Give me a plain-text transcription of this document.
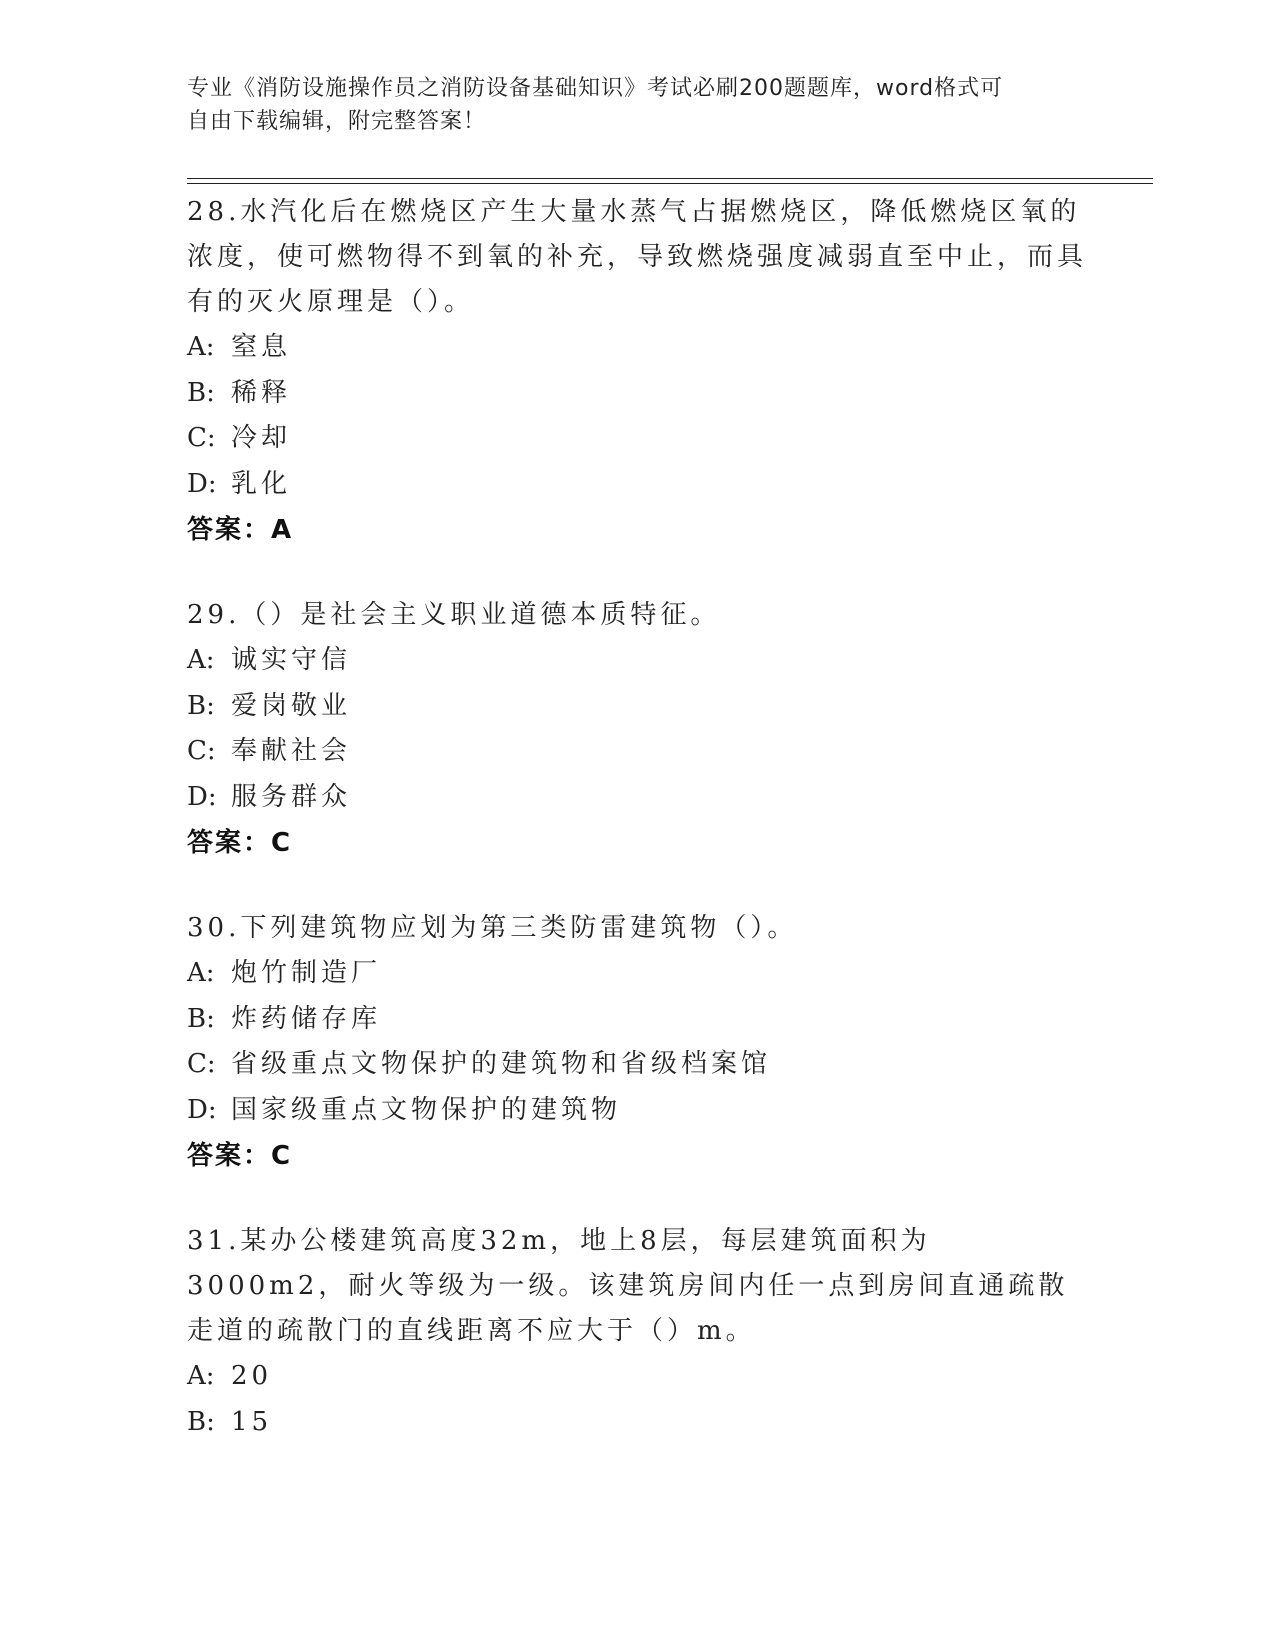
专业《消防设施操作员之消防设备基础知识》考试必刷200题题库，word格式可
自由下载编辑，附完整答案！

28.水汽化后在燃烧区产生大量水蒸气占据燃烧区，降低燃烧区氧的浓度，使可燃物得不到氧的补充，导致燃烧强度减弱直至中止，而具有的灭火原理是（）。

A: 窒息
B: 稀释
C: 冷却
D: 乳化

答案：A

29.（）是社会主义职业道德本质特征。

A: 诚实守信
B: 爱岗敬业
C: 奉献社会
D: 服务群众

答案：C

30.下列建筑物应划为第三类防雷建筑物（）。

A: 炮竹制造厂
B: 炸药储存库
C: 省级重点文物保护的建筑物和省级档案馆
D: 国家级重点文物保护的建筑物

答案：C

31.某办公楼建筑高度32m，地上8层，每层建筑面积为3000m2，耐火等级为一级。该建筑房间内任一点到房间直通疏散走道的疏散门的直线距离不应大于（）m。

A: 20
B: 15
